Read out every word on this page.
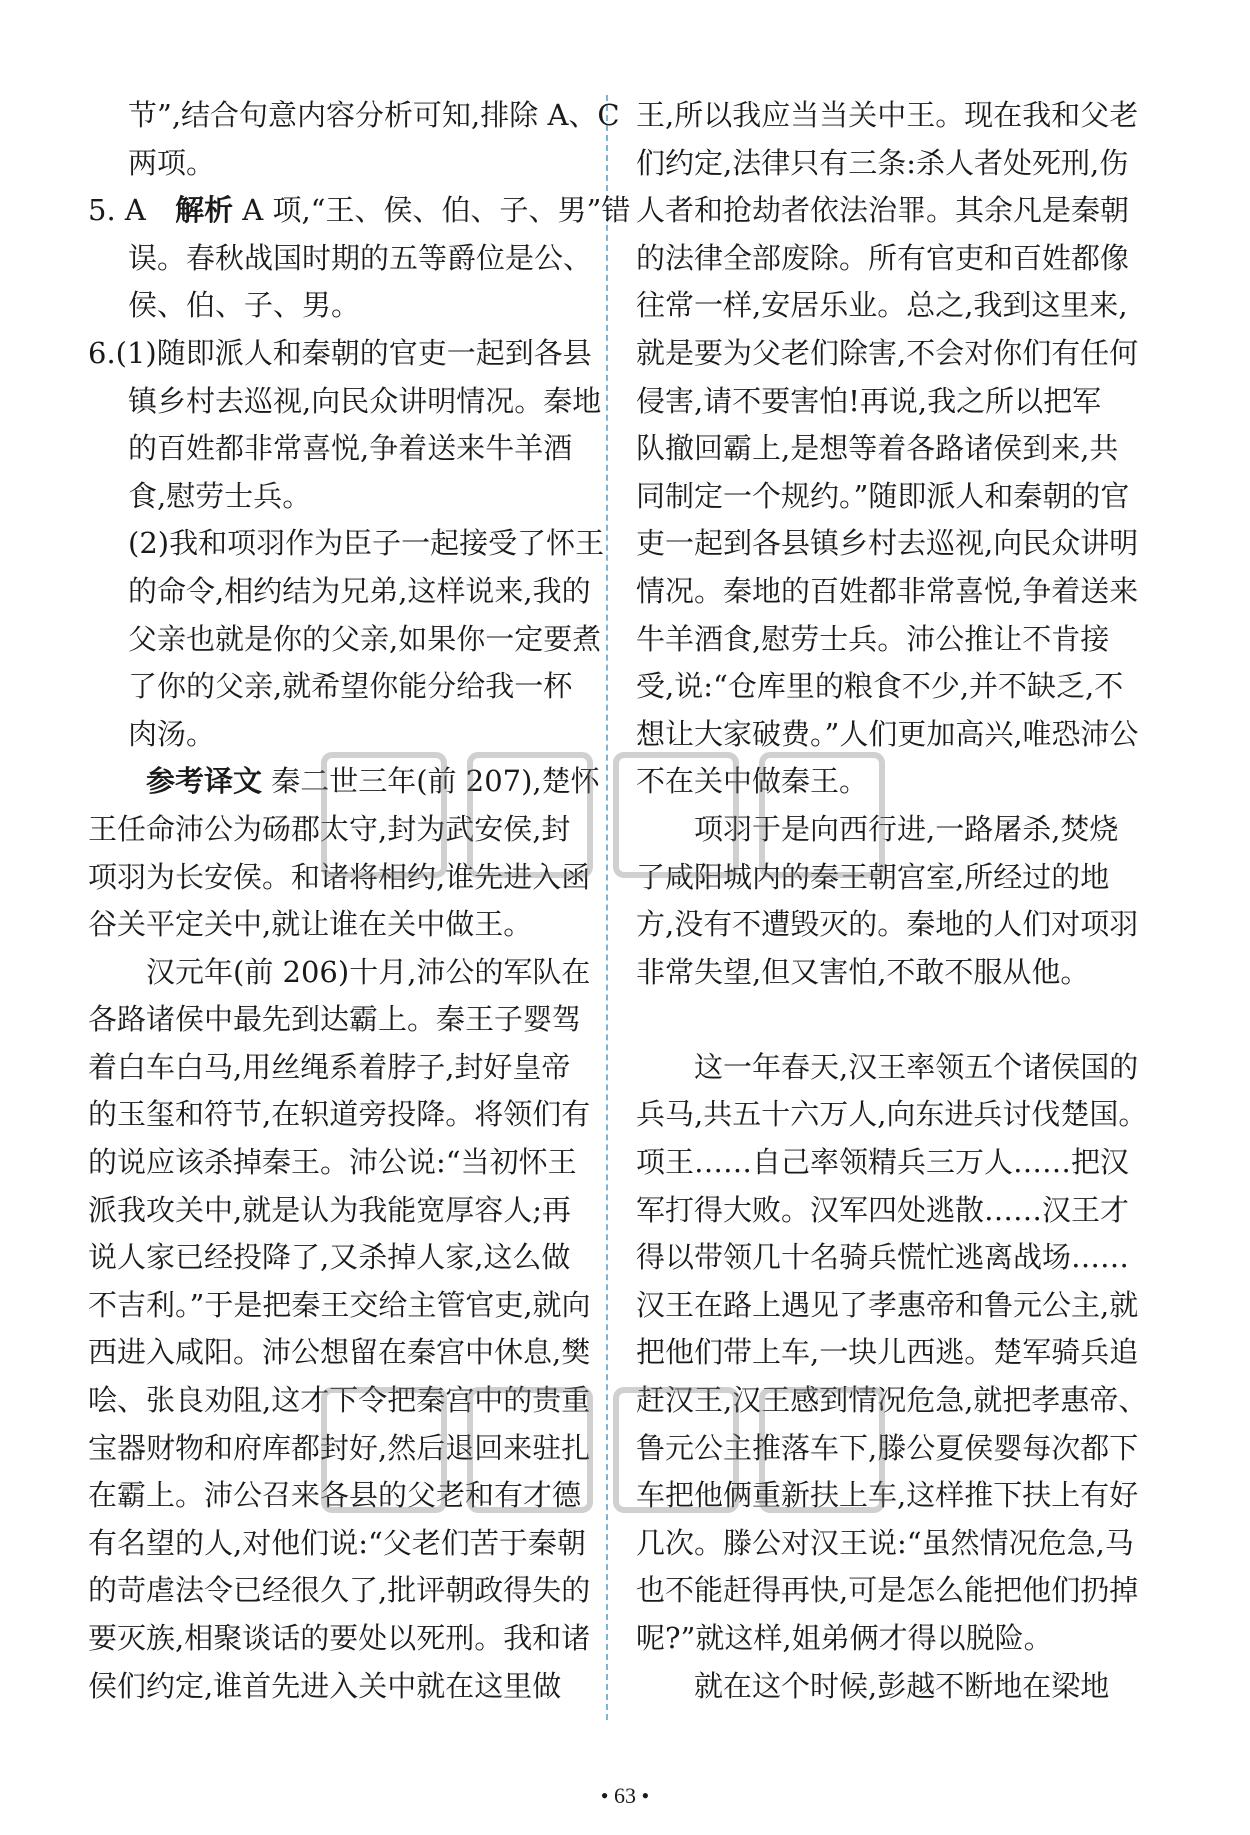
节”,结合句意内容分析可知,排除 A、C
两项。
5. A 解析 A 项,“王、侯、伯、子、男”错
误。春秋战国时期的五等爵位是公、
侯、伯、子、男。
6.(1)随即派人和秦朝的官吏一起到各县
镇乡村去巡视,向民众讲明情况。秦地
的百姓都非常喜悦,争着送来牛羊酒
食,慰劳士兵。
(2)我和项羽作为臣子一起接受了怀王
的命令,相约结为兄弟,这样说来,我的
父亲也就是你的父亲,如果你一定要煮
了你的父亲,就希望你能分给我一杯
肉汤。
参考译文 秦二世三年(前 207),楚怀
王任命沛公为砀郡太守,封为武安侯,封
项羽为长安侯。和诸将相约,谁先进入函
谷关平定关中,就让谁在关中做王。
汉元年(前 206)十月,沛公的军队在
各路诸侯中最先到达霸上。秦王子婴驾
着白车白马,用丝绳系着脖子,封好皇帝
的玉玺和符节,在轵道旁投降。将领们有
的说应该杀掉秦王。沛公说:“当初怀王
派我攻关中,就是认为我能宽厚容人;再
说人家已经投降了,又杀掉人家,这么做
不吉利。”于是把秦王交给主管官吏,就向
西进入咸阳。沛公想留在秦宫中休息,樊
哙、张良劝阻,这才下令把秦宫中的贵重
宝器财物和府库都封好,然后退回来驻扎
在霸上。沛公召来各县的父老和有才德
有名望的人,对他们说:“父老们苦于秦朝
的苛虐法令已经很久了,批评朝政得失的
要灭族,相聚谈话的要处以死刑。我和诸
侯们约定,谁首先进入关中就在这里做
王,所以我应当当关中王。现在我和父老
们约定,法律只有三条:杀人者处死刑,伤
人者和抢劫者依法治罪。其余凡是秦朝
的法律全部废除。所有官吏和百姓都像
往常一样,安居乐业。总之,我到这里来,
就是要为父老们除害,不会对你们有任何
侵害,请不要害怕!再说,我之所以把军
队撤回霸上,是想等着各路诸侯到来,共
同制定一个规约。”随即派人和秦朝的官
吏一起到各县镇乡村去巡视,向民众讲明
情况。秦地的百姓都非常喜悦,争着送来
牛羊酒食,慰劳士兵。沛公推让不肯接
受,说:“仓库里的粮食不少,并不缺乏,不
想让大家破费。”人们更加高兴,唯恐沛公
不在关中做秦王。
项羽于是向西行进,一路屠杀,焚烧
了咸阳城内的秦王朝宫室,所经过的地
方,没有不遭毁灭的。秦地的人们对项羽
非常失望,但又害怕,不敢不服从他。
这一年春天,汉王率领五个诸侯国的
兵马,共五十六万人,向东进兵讨伐楚国。
项王……自己率领精兵三万人……把汉
军打得大败。汉军四处逃散……汉王才
得以带领几十名骑兵慌忙逃离战场……
汉王在路上遇见了孝惠帝和鲁元公主,就
把他们带上车,一块儿西逃。楚军骑兵追
赶汉王,汉王感到情况危急,就把孝惠帝、
鲁元公主推落车下,滕公夏侯婴每次都下
车把他俩重新扶上车,这样推下扶上有好
几次。滕公对汉王说:“虽然情况危急,马
也不能赶得再快,可是怎么能把他们扔掉
呢?”就这样,姐弟俩才得以脱险。
就在这个时候,彭越不断地在梁地
• 63 •
